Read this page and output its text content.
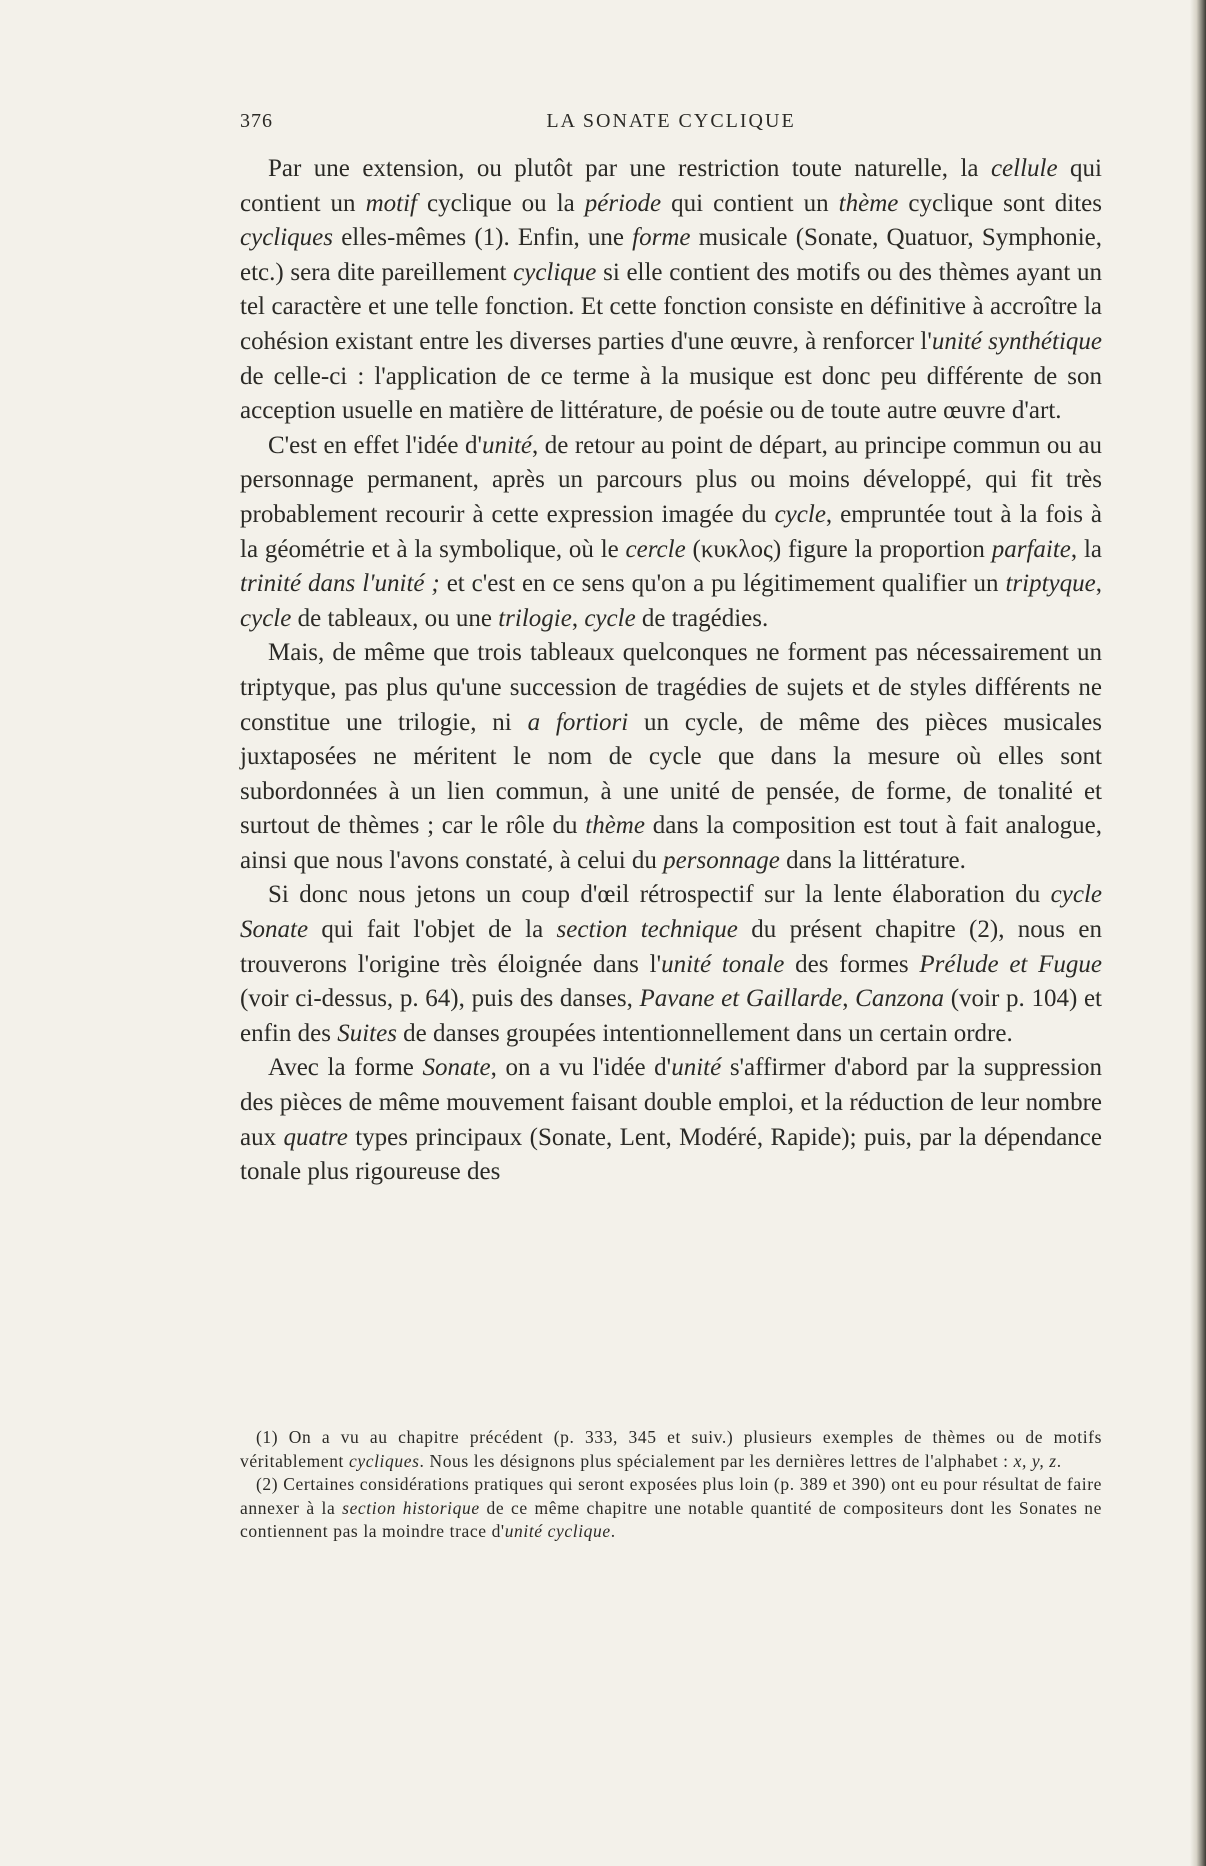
376	LA SONATE CYCLIQUE

Par une extension, ou plutôt par une restriction toute naturelle, la cellule qui contient un motif cyclique ou la période qui contient un thème cyclique sont dites cycliques elles-mêmes (1). Enfin, une forme musicale (Sonate, Quatuor, Symphonie, etc.) sera dite pareillement cyclique si elle contient des motifs ou des thèmes ayant un tel caractère et une telle fonction. Et cette fonction consiste en définitive à accroître la cohésion existant entre les diverses parties d'une œuvre, à renforcer l'unité synthétique de celle-ci : l'application de ce terme à la musique est donc peu différente de son acception usuelle en matière de littérature, de poésie ou de toute autre œuvre d'art.

C'est en effet l'idée d'unité, de retour au point de départ, au principe commun ou au personnage permanent, après un parcours plus ou moins développé, qui fit très probablement recourir à cette expression imagée du cycle, empruntée tout à la fois à la géométrie et à la symbolique, où le cercle (κυκλος) figure la proportion parfaite, la trinité dans l'unité ; et c'est en ce sens qu'on a pu légitimement qualifier un triptyque, cycle de tableaux, ou une trilogie, cycle de tragédies.

Mais, de même que trois tableaux quelconques ne forment pas nécessairement un triptyque, pas plus qu'une succession de tragédies de sujets et de styles différents ne constitue une trilogie, ni a fortiori un cycle, de même des pièces musicales juxtaposées ne méritent le nom de cycle que dans la mesure où elles sont subordonnées à un lien commun, à une unité de pensée, de forme, de tonalité et surtout de thèmes ; car le rôle du thème dans la composition est tout à fait analogue, ainsi que nous l'avons constaté, à celui du personnage dans la littérature.

Si donc nous jetons un coup d'œil rétrospectif sur la lente élaboration du cycle Sonate qui fait l'objet de la section technique du présent chapitre (2), nous en trouverons l'origine très éloignée dans l'unité tonale des formes Prélude et Fugue (voir ci-dessus, p. 64), puis des danses, Pavane et Gaillarde, Canzona (voir p. 104) et enfin des Suites de danses groupées intentionnellement dans un certain ordre.

Avec la forme Sonate, on a vu l'idée d'unité s'affirmer d'abord par la suppression des pièces de même mouvement faisant double emploi, et la réduction de leur nombre aux quatre types principaux (Sonate, Lent, Modéré, Rapide); puis, par la dépendance tonale plus rigoureuse des

(1) On a vu au chapitre précédent (p. 333, 345 et suiv.) plusieurs exemples de thèmes ou de motifs véritablement cycliques. Nous les désignons plus spécialement par les dernières lettres de l'alphabet : x, y, z.

(2) Certaines considérations pratiques qui seront exposées plus loin (p. 389 et 390) ont eu pour résultat de faire annexer à la section historique de ce même chapitre une notable quantité de compositeurs dont les Sonates ne contiennent pas la moindre trace d'unité cyclique.
